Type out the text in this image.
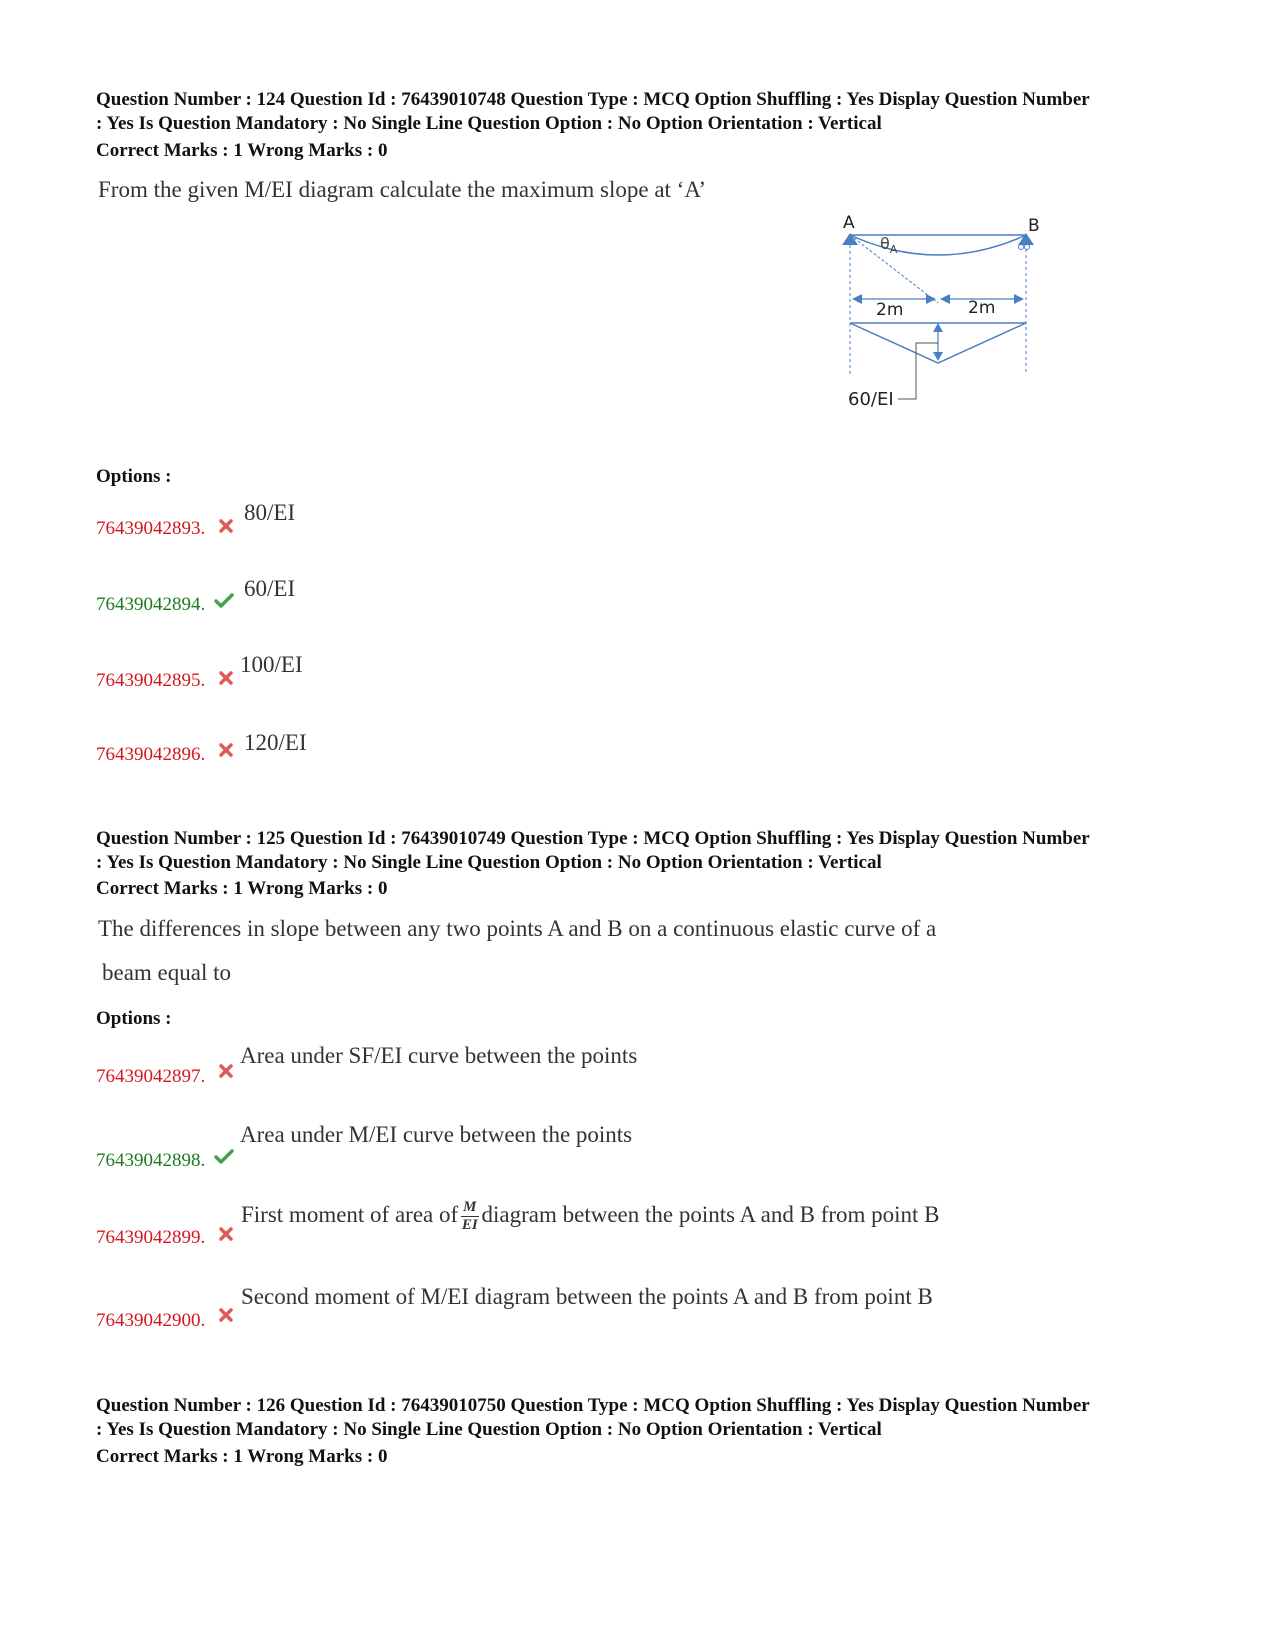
Question Number : 124 Question Id : 76439010748 Question Type : MCQ Option Shuffling : Yes Display Question Number
: Yes Is Question Mandatory : No Single Line Question Option : No Option Orientation : Vertical
Correct Marks : 1 Wrong Marks : 0
From the given M/EI diagram calculate the maximum slope at ‘A’
A	B
$\theta_A$
2m	2m
60/EI
Options :
76439042893.
80/EI
76439042894.
60/EI
76439042895.
100/EI
76439042896. 120/EI
Question Number : 125 Question Id : 76439010749 Question Type : MCQ Option Shuffling : Yes Display Question Number
: Yes Is Question Mandatory : No Single Line Question Option : No Option Orientation : Vertical
Correct Marks : 1 Wrong Marks : 0
The differences in slope between any two points A and B on a continuous elastic curve of a
beam equal to
Options :
76439042897.
Area under SF/EI curve between the points
76439042898.
Area under M/EI curve between the points
76439042899.
First moment of area of $\frac{M}{EI}$ diagram between the points A and B from point B
76439042900.
Second moment of M/EI diagram between the points A and B from point B
Question Number : 126 Question Id : 76439010750 Question Type : MCQ Option Shuffling : Yes Display Question Number
: Yes Is Question Mandatory : No Single Line Question Option : No Option Orientation : Vertical
Correct Marks : 1 Wrong Marks : 0
